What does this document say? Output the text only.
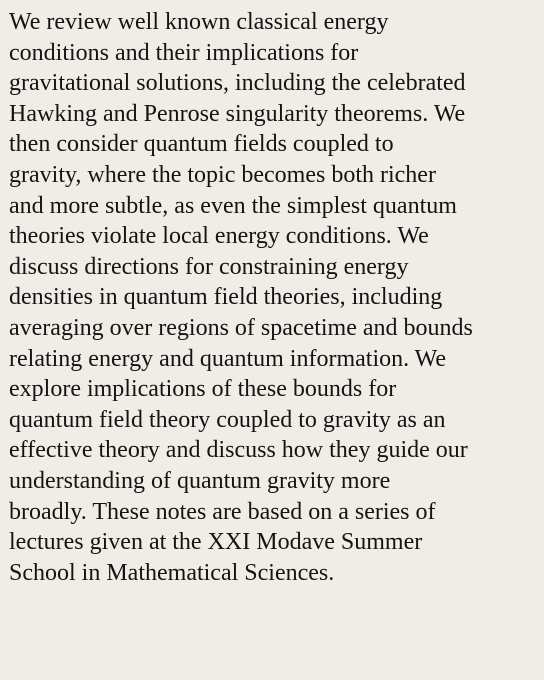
We review well known classical energy
conditions and their implications for
gravitational solutions, including the celebrated
Hawking and Penrose singularity theorems. We
then consider quantum fields coupled to
gravity, where the topic becomes both richer
and more subtle, as even the simplest quantum
theories violate local energy conditions. We
discuss directions for constraining energy
densities in quantum field theories, including
averaging over regions of spacetime and bounds
relating energy and quantum information. We
explore implications of these bounds for
quantum field theory coupled to gravity as an
effective theory and discuss how they guide our
understanding of quantum gravity more
broadly. These notes are based on a series of
lectures given at the XXI Modave Summer
School in Mathematical Sciences.
